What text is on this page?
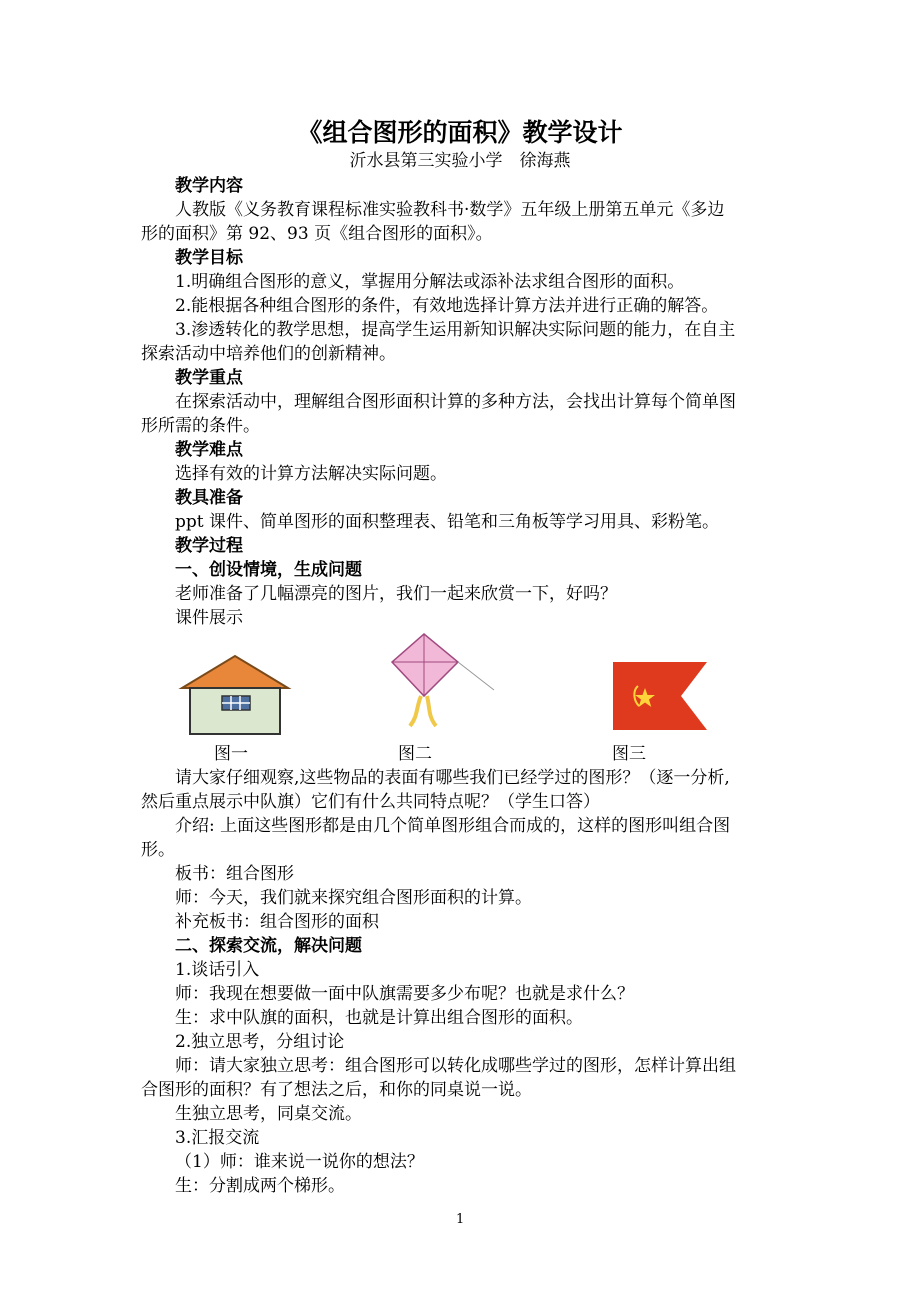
《组合图形的面积》教学设计
沂水县第三实验小学　徐海燕
教学内容
人教版《义务教育课程标准实验教科书·数学》五年级上册第五单元《多边
形的面积》第 92、93 页《组合图形的面积》。
教学目标
1.明确组合图形的意义，掌握用分解法或添补法求组合图形的面积。
2.能根据各种组合图形的条件，有效地选择计算方法并进行正确的解答。
3.渗透转化的教学思想，提高学生运用新知识解决实际问题的能力，在自主
探索活动中培养他们的创新精神。
教学重点
在探索活动中，理解组合图形面积计算的多种方法，会找出计算每个简单图
形所需的条件。
教学难点
选择有效的计算方法解决实际问题。
教具准备
ppt 课件、简单图形的面积整理表、铅笔和三角板等学习用具、彩粉笔。
教学过程
一、创设情境，生成问题
老师准备了几幅漂亮的图片，我们一起来欣赏一下，好吗？
课件展示
图一	图二	图三
请大家仔细观察,这些物品的表面有哪些我们已经学过的图形？（逐一分析,
然后重点展示中队旗）它们有什么共同特点呢？（学生口答）
介绍: 上面这些图形都是由几个简单图形组合而成的，这样的图形叫组合图
形。
板书：组合图形
师：今天，我们就来探究组合图形面积的计算。
补充板书：组合图形的面积
二、探索交流，解决问题
1.谈话引入
师：我现在想要做一面中队旗需要多少布呢？也就是求什么？
生：求中队旗的面积，也就是计算出组合图形的面积。
2.独立思考，分组讨论
师：请大家独立思考：组合图形可以转化成哪些学过的图形，怎样计算出组
合图形的面积？有了想法之后，和你的同桌说一说。
生独立思考，同桌交流。
3.汇报交流
（1）师：谁来说一说你的想法？
生：分割成两个梯形。
1
